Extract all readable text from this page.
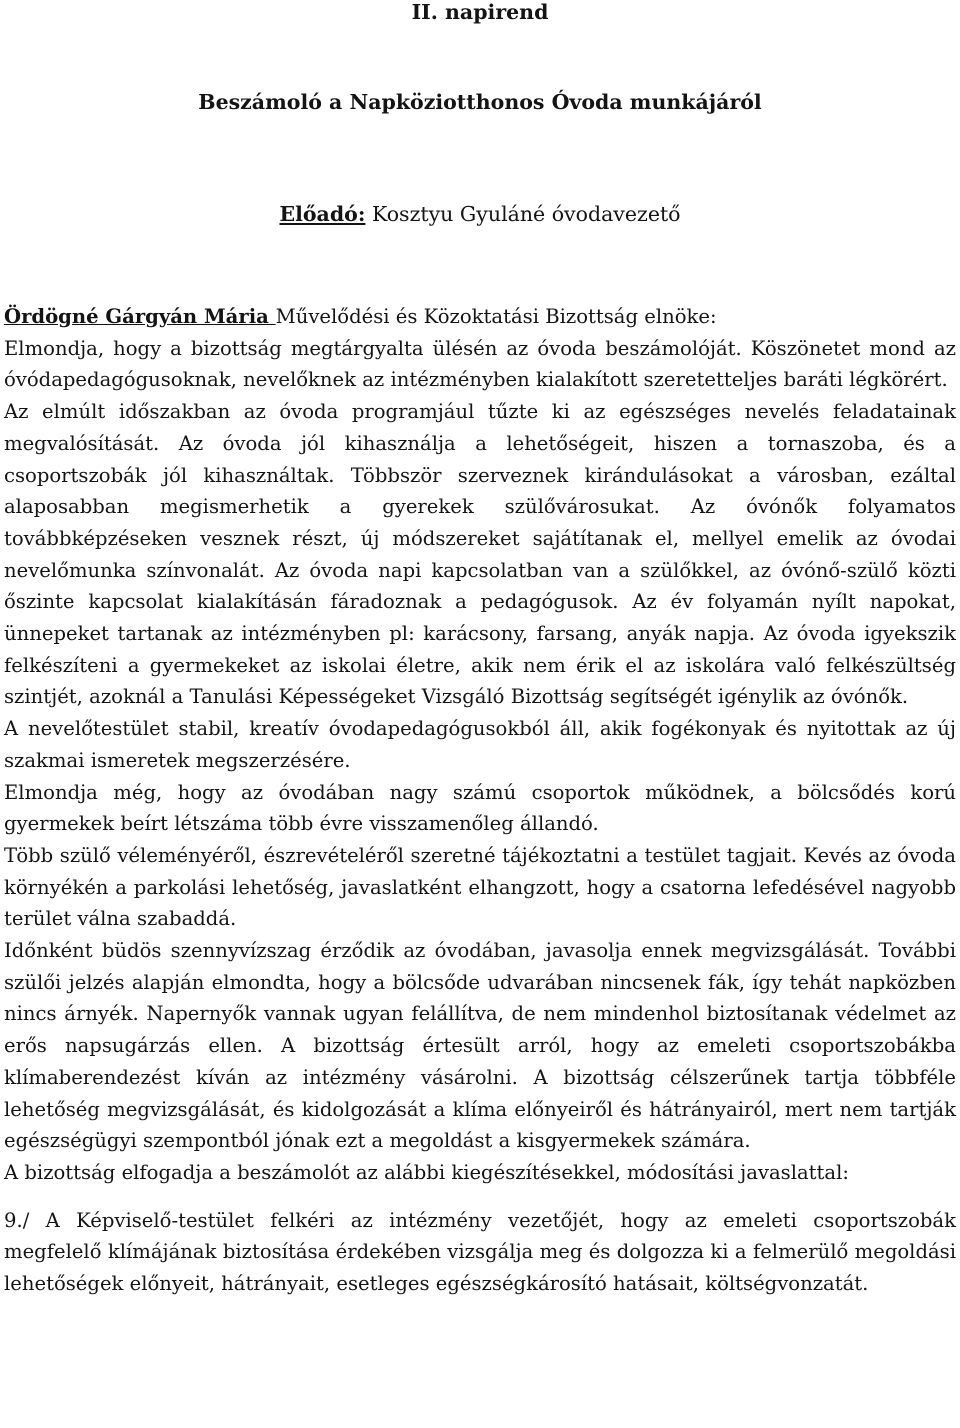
II. napirend

Beszámoló a Napköziotthonos Óvoda munkájáról

Előadó: Kosztyu Gyuláné óvodavezető

Ördögné Gárgyán Mária Művelődési és Közoktatási Bizottság elnöke:

Elmondja, hogy a bizottság megtárgyalta ülésén az óvoda beszámolóját. Köszönetet mond az óvódapedagógusoknak, nevelőknek az intézményben kialakított szeretetteljes baráti légkörért.

Az elmúlt időszakban az óvoda programjául tűzte ki az egészséges nevelés feladatainak megvalósítását. Az óvoda jól kihasználja a lehetőségeit, hiszen a tornaszoba, és a csoportszobák jól kihasználtak. Többször szerveznek kirándulásokat a városban, ezáltal alaposabban megismerhetik a gyerekek szülővárosukat. Az óvónők folyamatos továbbképzéseken vesznek részt, új módszereket sajátítanak el, mellyel emelik az óvodai nevelőmunka színvonalát. Az óvoda napi kapcsolatban van a szülőkkel, az óvónő-szülő közti őszinte kapcsolat kialakításán fáradoznak a pedagógusok. Az év folyamán nyílt napokat, ünnepeket tartanak az intézményben pl: karácsony, farsang, anyák napja. Az óvoda igyekszik felkészíteni a gyermekeket az iskolai életre, akik nem érik el az iskolára való felkészültség szintjét, azoknál a Tanulási Képességeket Vizsgáló Bizottság segítségét igénylik az óvónők.

A nevelőtestület stabil, kreatív óvodapedagógusokból áll, akik fogékonyak és nyitottak az új szakmai ismeretek megszerzésére.

Elmondja még, hogy az óvodában nagy számú csoportok működnek, a bölcsődés korú gyermekek beírt létszáma több évre visszamenőleg állandó.

Több szülő véleményéről, észrevételéről szeretné tájékoztatni a testület tagjait. Kevés az óvoda környékén a parkolási lehetőség, javaslatként elhangzott, hogy a csatorna lefedésével nagyobb terület válna szabaddá.

Időnként büdös szennyvízszag érződik az óvodában, javasolja ennek megvizsgálását. További szülői jelzés alapján elmondta, hogy a bölcsőde udvarában nincsenek fák, így tehát napközben nincs árnyék. Napernyők vannak ugyan felállítva, de nem mindenhol biztosítanak védelmet az erős napsugárzás ellen. A bizottság értesült arról, hogy az emeleti csoportszobákba klímaberendezést kíván az intézmény vásárolni. A bizottság célszerűnek tartja többféle lehetőség megvizsgálását, és kidolgozását a klíma előnyeiről és hátrányairól, mert nem tartják egészségügyi szempontból jónak ezt a megoldást a kisgyermekek számára.

A bizottság elfogadja a beszámolót az alábbi kiegészítésekkel, módosítási javaslattal:

9./ A Képviselő-testület felkéri az intézmény vezetőjét, hogy az emeleti csoportszobák megfelelő klímájának biztosítása érdekében vizsgálja meg és dolgozza ki a felmerülő megoldási lehetőségek előnyeit, hátrányait, esetleges egészségkárosító hatásait, költségvonzatát.
